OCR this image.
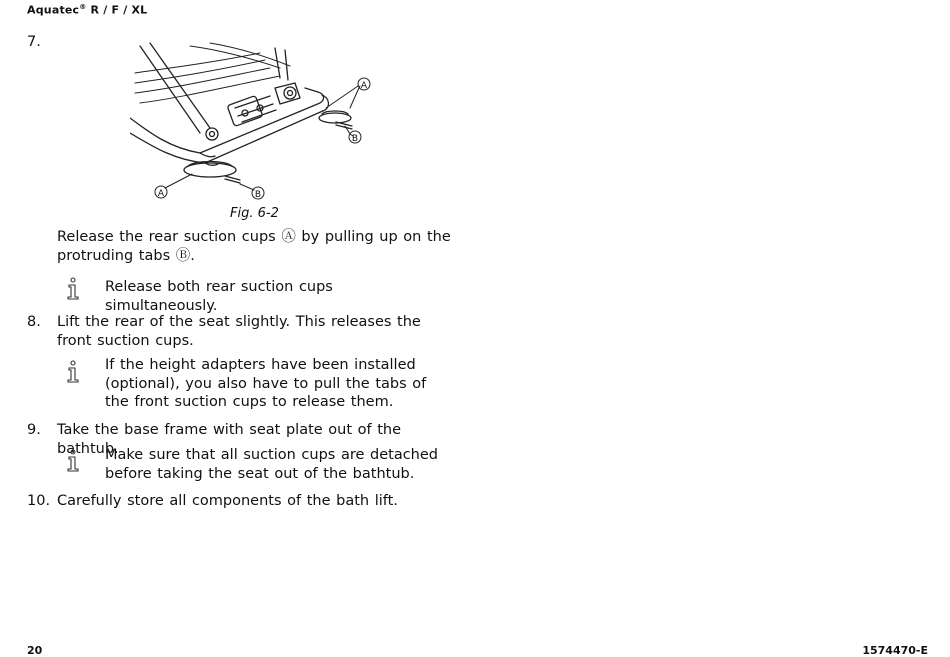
Aquatec® R / F / XL
7.
A
B
A	B
Fig. 6-2
Release the rear suction cups Ⓐ by pulling up on the protruding tabs Ⓑ.
Release both rear suction cups simultaneously.
8.	Lift the rear of the seat slightly. This releases the front suction cups.
If the height adapters have been installed (optional), you also have to pull the tabs of the front suction cups to release them.
9.	Take the base frame with seat plate out of the bathtub.
Make sure that all suction cups are detached before taking the seat out of the bathtub.
10. Carefully store all components of the bath lift.
20	1574470-E
